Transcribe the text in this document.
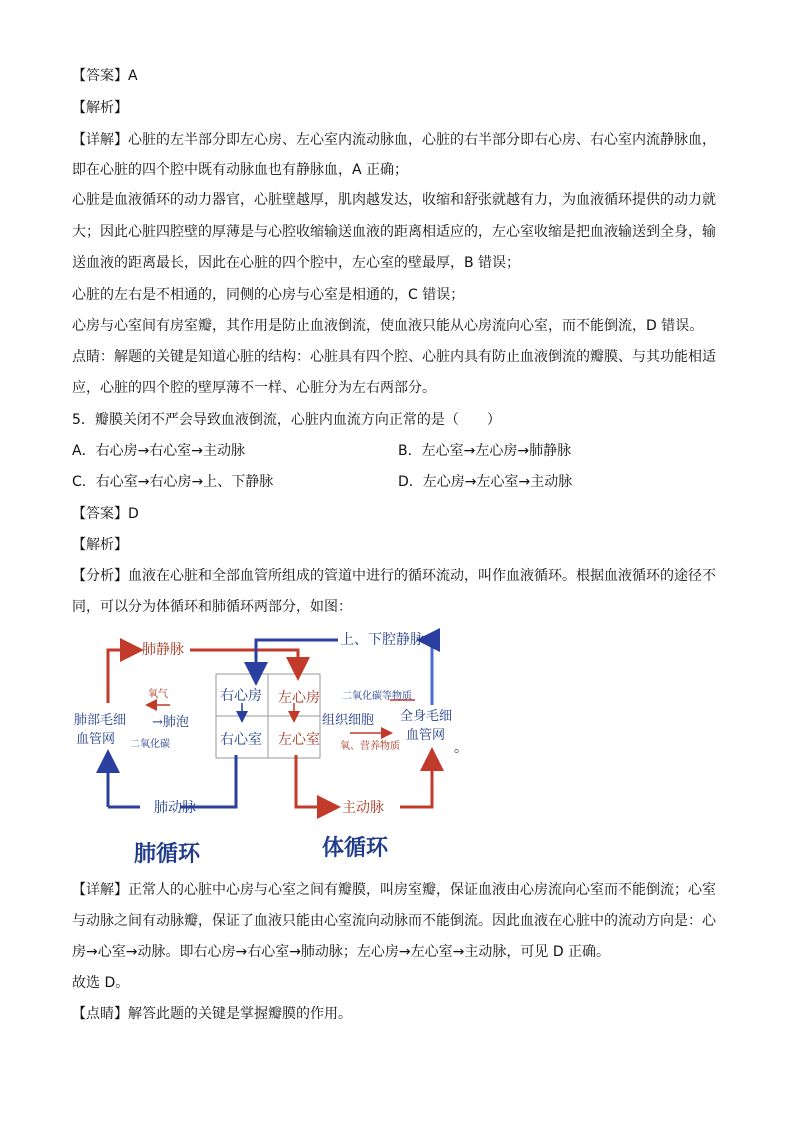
【答案】A
【解析】
【详解】心脏的左半部分即左心房、左心室内流动脉血，心脏的右半部分即右心房、右心室内流静脉血，
即在心脏的四个腔中既有动脉血也有静脉血，A 正确；
心脏是血液循环的动力器官，心脏壁越厚，肌肉越发达，收缩和舒张就越有力，为血液循环提供的动力就
大；因此心脏四腔壁的厚薄是与心腔收缩输送血液的距离相适应的，左心室收缩是把血液输送到全身，输
送血液的距离最长，因此在心脏的四个腔中，左心室的壁最厚，B 错误；
心脏的左右是不相通的，同侧的心房与心室是相通的，C 错误；
心房与心室间有房室瓣，其作用是防止血液倒流，使血液只能从心房流向心室，而不能倒流，D 错误。
点睛：解题的关键是知道心脏的结构：心脏具有四个腔、心脏内具有防止血液倒流的瓣膜、与其功能相适
应，心脏的四个腔的壁厚薄不一样、心脏分为左右两部分。
5．瓣膜关闭不严会导致血液倒流，心脏内血流方向正常的是（　　）
A．右心房→右心室→主动脉	B．左心室→左心房→肺静脉
C．右心室→右心房→上、下静脉	D．左心房→左心室→主动脉
【答案】D
【解析】
【分析】血液在心脏和全部血管所组成的管道中进行的循环流动，叫作血液循环。根据血液循环的途径不
同，可以分为体循环和肺循环两部分，如图：
肺静脉
上、下腔静脉
氧气
→肺泡
肺部毛细
血管网 二氧化碳
右心房 左心房
右心室 左心室
二氧化碳等物质
组织细胞 全身毛细
血管网
氧、营养物质	。
肺动脉	主动脉
肺循环	体循环
【详解】正常人的心脏中心房与心室之间有瓣膜，叫房室瓣，保证血液由心房流向心室而不能倒流；心室
与动脉之间有动脉瓣，保证了血液只能由心室流向动脉而不能倒流。因此血液在心脏中的流动方向是：心
房→心室→动脉。即右心房→右心室→肺动脉；左心房→左心室→主动脉，可见 D 正确。
故选 D。
【点睛】解答此题的关键是掌握瓣膜的作用。
